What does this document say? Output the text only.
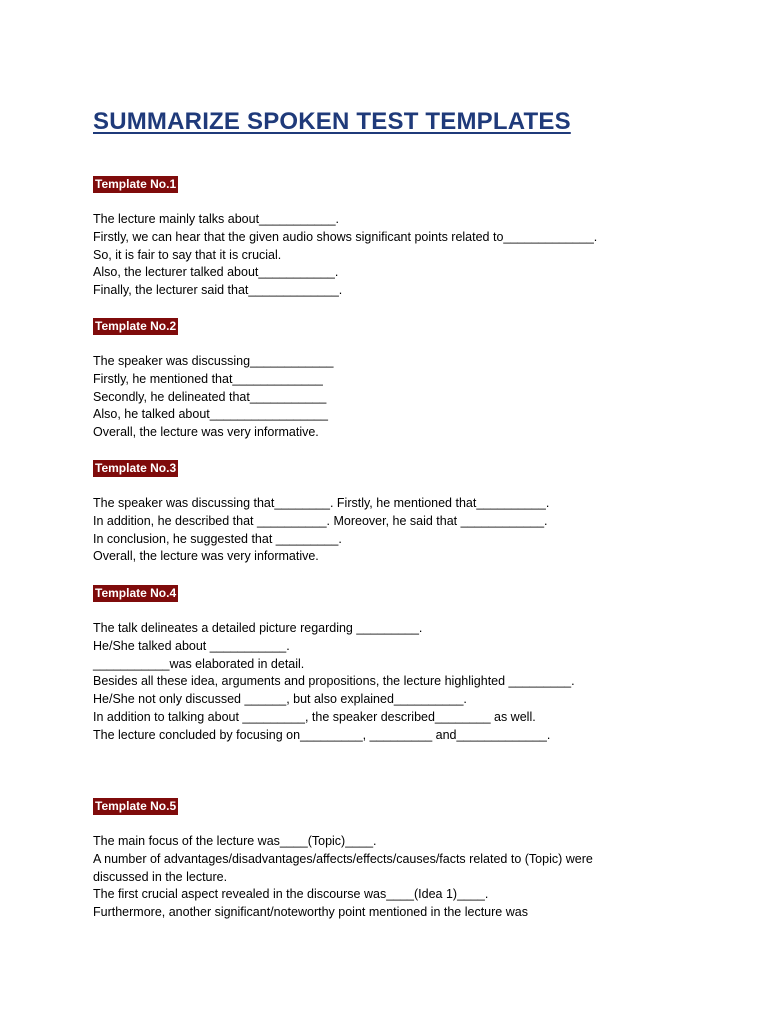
SUMMARIZE SPOKEN TEST TEMPLATES
Template No.1

The lecture mainly talks about___________.

Firstly, we can hear that the given audio shows significant points related to_____________.

So, it is fair to say that it is crucial.

Also, the lecturer talked about___________.

Finally, the lecturer said that_____________.

Template No.2

The speaker was discussing____________

Firstly, he mentioned that_____________

Secondly, he delineated that___________

Also, he talked about_________________

Overall, the lecture was very informative.

Template No.3

The speaker was discussing that________. Firstly, he mentioned that__________.

In addition, he described that __________. Moreover, he said that ____________.

In conclusion, he suggested that _________.

Overall, the lecture was very informative.

Template No.4

The talk delineates a detailed picture regarding _________.

He/She talked about ___________.

___________was elaborated in detail.

Besides all these idea, arguments and propositions, the lecture highlighted _________.

He/She not only discussed ______, but also explained__________.

In addition to talking about _________, the speaker described________ as well.

The lecture concluded by focusing on_________, _________ and_____________.

Template No.5

The main focus of the lecture was____(Topic)____.

A number of advantages/disadvantages/affects/effects/causes/facts related to (Topic) were

discussed in the lecture.

The first crucial aspect revealed in the discourse was____(Idea 1)____.

Furthermore, another significant/noteworthy point mentioned in the lecture was
